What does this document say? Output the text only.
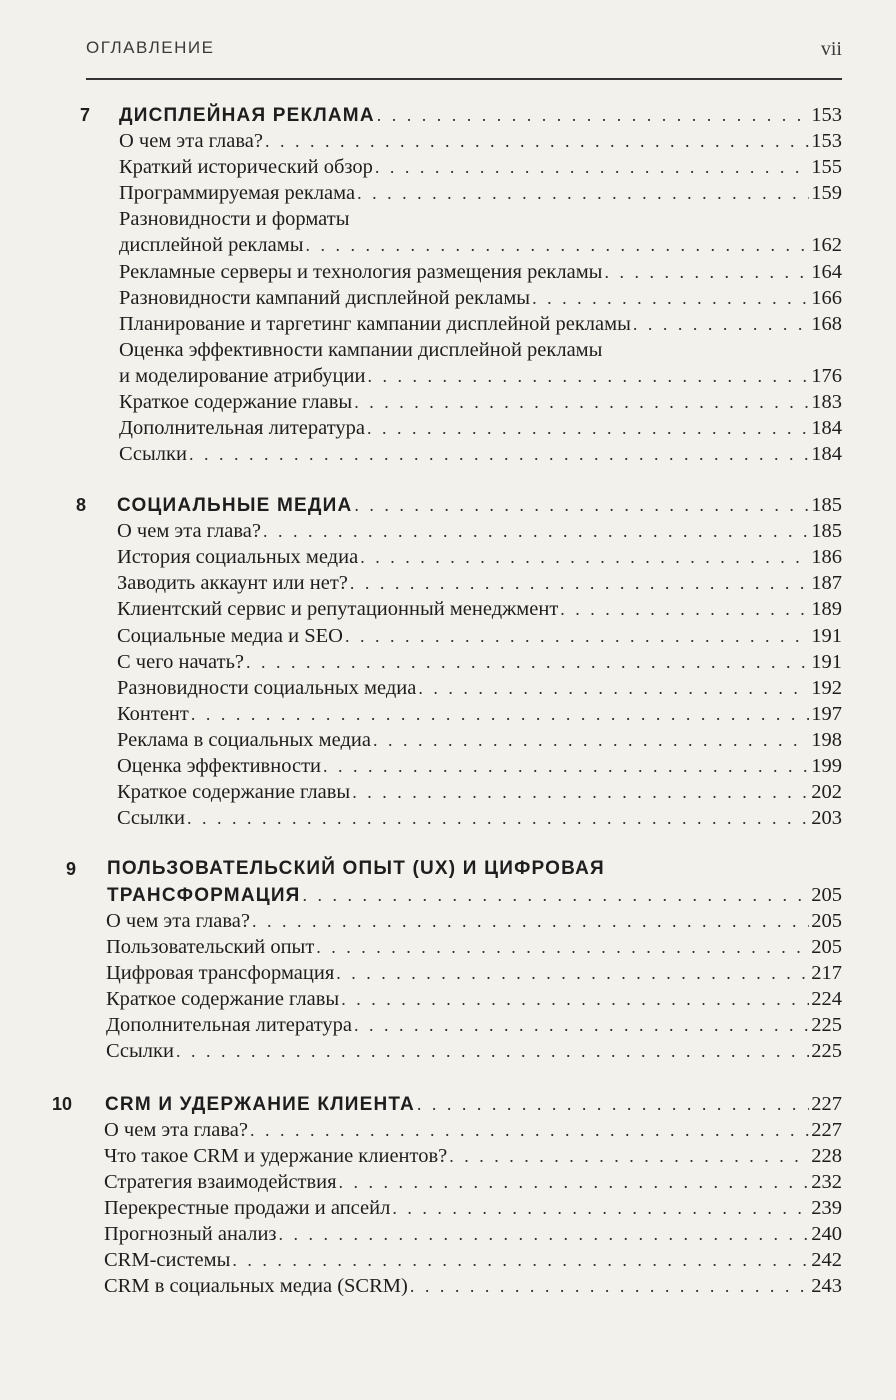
ОГЛАВЛЕНИЕ	vii
7 ДИСПЛЕЙНАЯ РЕКЛАМА . . .	153
О чем эта глава? . . .	153
Краткий исторический обзор . . .	155
Программируемая реклама . . .	159
Разновидности и форматы
дисплейной рекламы . . .	162
Рекламные серверы и технология размещения рекламы . . .	164
Разновидности кампаний дисплейной рекламы . . .	166
Планирование и таргетинг кампании дисплейной рекламы . . .	168
Оценка эффективности кампании дисплейной рекламы
и моделирование атрибуции . . .	176
Краткое содержание главы . . .	183
Дополнительная литература . . .	184
Ссылки . . .	184
8 СОЦИАЛЬНЫЕ МЕДИА . . .	185
О чем эта глава? . . .	185
История социальных медиа . . .	186
Заводить аккаунт или нет? . . .	187
Клиентский сервис и репутационный менеджмент . . .	189
Социальные медиа и SEO . . .	191
С чего начать? . . .	191
Разновидности социальных медиа . . .	192
Контент . . .	197
Реклама в социальных медиа . . .	198
Оценка эффективности . . .	199
Краткое содержание главы . . .	202
Ссылки . . .	203
9 ПОЛЬЗОВАТЕЛЬСКИЙ ОПЫТ (UX) И ЦИФРОВАЯ
ТРАНСФОРМАЦИЯ . . .	205
О чем эта глава? . . .	205
Пользовательский опыт . . .	205
Цифровая трансформация . . .	217
Краткое содержание главы . . .	224
Дополнительная литература . . .	225
Ссылки . . .	225
10 CRM И УДЕРЖАНИЕ КЛИЕНТА . . .	227
О чем эта глава? . . .	227
Что такое CRM и удержание клиентов? . . .	228
Стратегия взаимодействия . . .	232
Перекрестные продажи и апсейл . . .	239
Прогнозный анализ . . .	240
CRM-системы . . .	242
CRM в социальных медиа (SCRM) . . .	243
